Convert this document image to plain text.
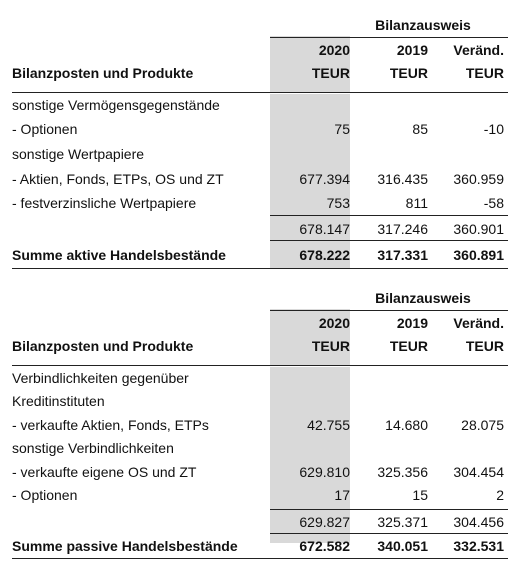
Bilanzausweis
2020	2019	Veränd.
Bilanzposten und Produkte	TEUR	TEUR	TEUR
sonstige Vermögensgegenstände
- Optionen	75	85	-10
sonstige Wertpapiere
- Aktien, Fonds, ETPs, OS und ZT	677.394	316.435	360.959
- festverzinsliche Wertpapiere	753	811	-58
678.147	317.246	360.901
Summe aktive Handelsbestände	678.222	317.331	360.891
Bilanzausweis
2020	2019	Veränd.
Bilanzposten und Produkte	TEUR	TEUR	TEUR
Verbindlichkeiten gegenüber
Kreditinstituten
- verkaufte Aktien, Fonds, ETPs	42.755	14.680	28.075
sonstige Verbindlichkeiten
- verkaufte eigene OS und ZT	629.810	325.356	304.454
- Optionen	17	15	2
629.827	325.371	304.456
Summe passive Handelsbestände	672.582	340.051	332.531
